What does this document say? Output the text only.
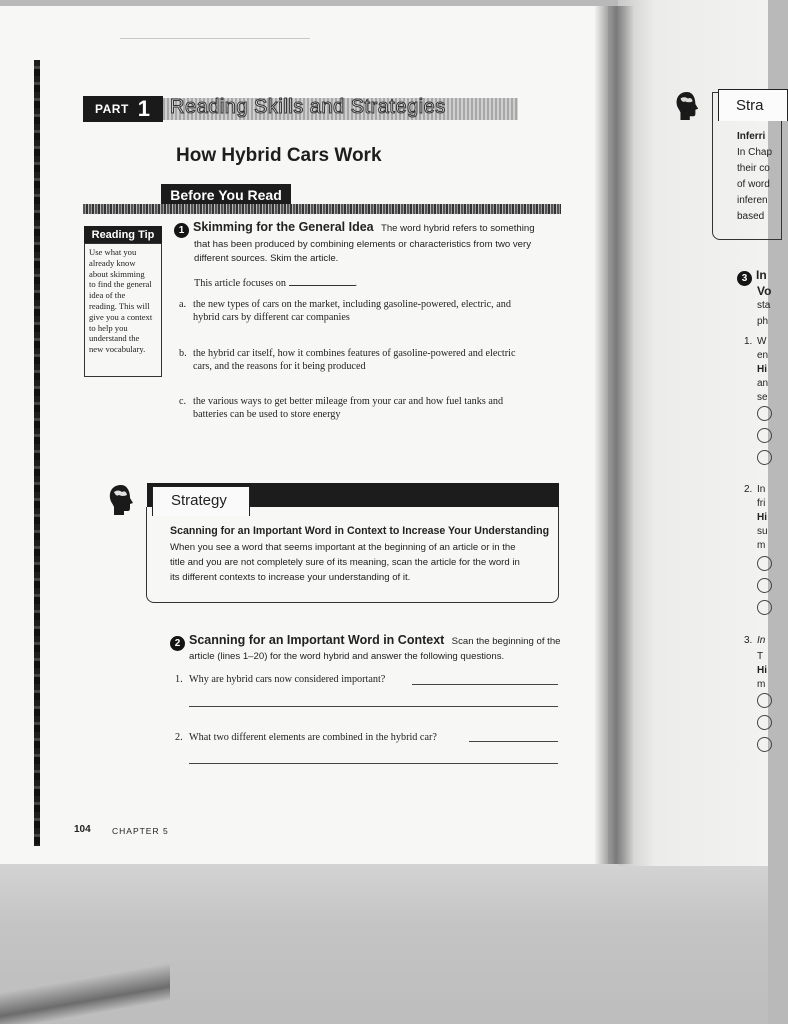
PART 1 Reading Skills and Strategies
How Hybrid Cars Work
Before You Read
Reading Tip
Use what you
already know
about skimming
to find the general
idea of the
reading. This will
give you a context
to help you
understand the
new vocabulary.
1 Skimming for the General Idea The word hybrid refers to something
that has been produced by combining elements or characteristics from two very
different sources. Skim the article.
This article focuses on	.
a. the new types of cars on the market, including gasoline-powered, electric, and
hybrid cars by different car companies
b. the hybrid car itself, how it combines features of gasoline-powered and electric
cars, and the reasons for it being produced
c. the various ways to get better mileage from your car and how fuel tanks and
batteries can be used to store energy
Strategy
Scanning for an Important Word in Context to Increase Your Understanding
When you see a word that seems important at the beginning of an article or in the
title and you are not completely sure of its meaning, scan the article for the word in
its different contexts to increase your understanding of it.
2 Scanning for an Important Word in Context Scan the beginning of the
article (lines 1–20) for the word hybrid and answer the following questions.
1. Why are hybrid cars now considered important?
2. What two different elements are combined in the hybrid car?
104	CHAPTER 5
Stra
Inferri
In Chap
their co
of word
inferen
based
3 In
Vo
sta
ph
1. W
en
Hi
an
se
2. In
fri
Hi
su
m
3. In
T
Hi
m
